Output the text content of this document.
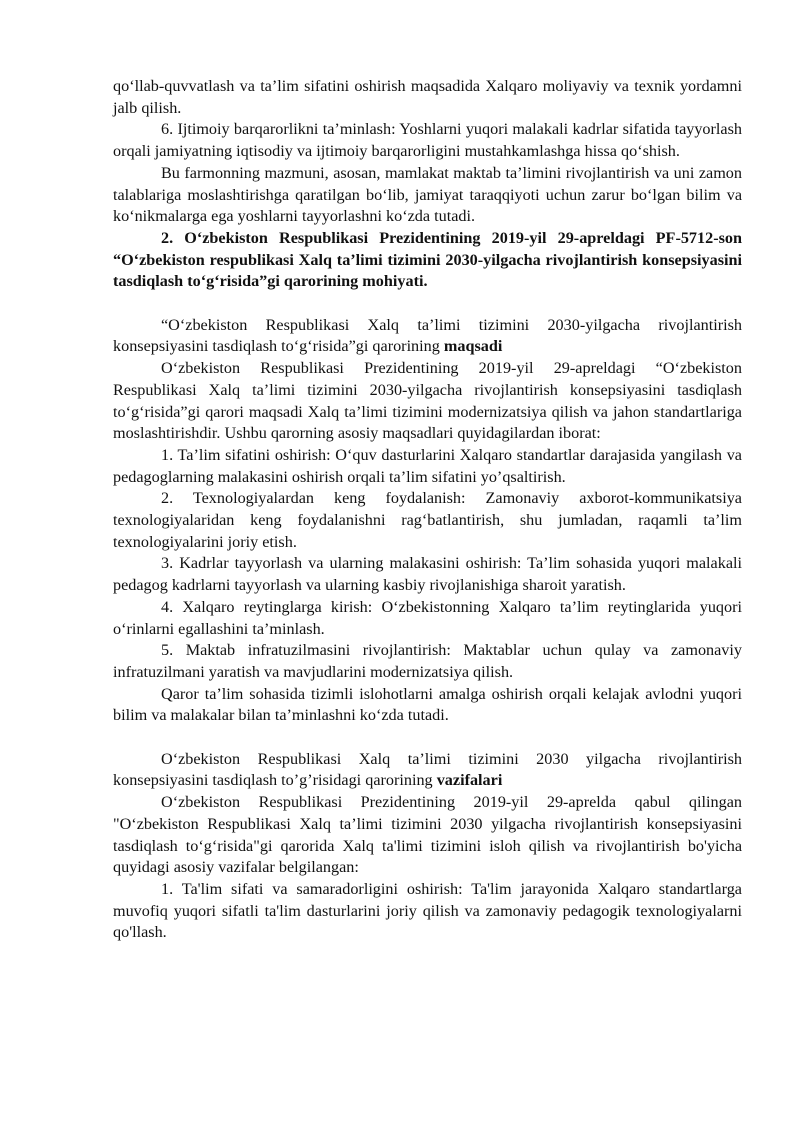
qo‘llab-quvvatlash va ta’lim sifatini oshirish maqsadida Xalqaro moliyaviy va texnik yordamni jalb qilish.

6. Ijtimoiy barqarorlikni ta’minlash: Yoshlarni yuqori malakali kadrlar sifatida tayyorlash orqali jamiyatning iqtisodiy va ijtimoiy barqarorligini mustahkamlashga hissa qo‘shish.

Bu farmonning mazmuni, asosan, mamlakat maktab ta’limini rivojlantirish va uni zamon talablariga moslashtirishga qaratilgan bo‘lib, jamiyat taraqqiyoti uchun zarur bo‘lgan bilim va ko‘nikmalarga ega yoshlarni tayyorlashni ko‘zda tutadi.

2. O‘zbekiston Respublikasi Prezidentining 2019-yil 29-apreldagi PF-5712-son “O‘zbekiston respublikasi Xalq ta’limi tizimini 2030-yilgacha rivojlantirish konsepsiyasini tasdiqlash to‘g‘risida”gi qarorining mohiyati.

“O‘zbekiston Respublikasi Xalq ta’limi tizimini 2030-yilgacha rivojlantirish konsepsiyasini tasdiqlash to‘g‘risida”gi qarorining maqsadi

O‘zbekiston Respublikasi Prezidentining 2019-yil 29-apreldagi “O‘zbekiston Respublikasi Xalq ta’limi tizimini 2030-yilgacha rivojlantirish konsepsiyasini tasdiqlash to‘g‘risida”gi qarori maqsadi Xalq ta’limi tizimini modernizatsiya qilish va jahon standartlariga moslashtirishdir. Ushbu qarorning asosiy maqsadlari quyidagilardan iborat:

1. Ta’lim sifatini oshirish: O‘quv dasturlarini Xalqaro standartlar darajasida yangilash va pedagoglarning malakasini oshirish orqali ta’lim sifatini yo’qsaltirish.

2. Texnologiyalardan keng foydalanish: Zamonaviy axborot-kommunikatsiya texnologiyalaridan keng foydalanishni rag‘batlantirish, shu jumladan, raqamli ta’lim texnologiyalarini joriy etish.

3. Kadrlar tayyorlash va ularning malakasini oshirish: Ta’lim sohasida yuqori malakali pedagog kadrlarni tayyorlash va ularning kasbiy rivojlanishiga sharoit yaratish.

4. Xalqaro reytinglarga kirish: O‘zbekistonning Xalqaro ta’lim reytinglarida yuqori o‘rinlarni egallashini ta’minlash.

5. Maktab infratuzilmasini rivojlantirish: Maktablar uchun qulay va zamonaviy infratuzilmani yaratish va mavjudlarini modernizatsiya qilish.

Qaror ta’lim sohasida tizimli islohotlarni amalga oshirish orqali kelajak avlodni yuqori bilim va malakalar bilan ta’minlashni ko‘zda tutadi.

O‘zbekiston Respublikasi Xalq ta’limi tizimini 2030 yilgacha rivojlantirish konsepsiyasini tasdiqlash to’g’risidagi qarorining vazifalari

O‘zbekiston Respublikasi Prezidentining 2019-yil 29-aprelda qabul qilingan "O‘zbekiston Respublikasi Xalq ta’limi tizimini 2030 yilgacha rivojlantirish konsepsiyasini tasdiqlash to‘g‘risida"gi qarorida Xalq ta'limi tizimini isloh qilish va rivojlantirish bo'yicha quyidagi asosiy vazifalar belgilangan:

1. Ta'lim sifati va samaradorligini oshirish: Ta'lim jarayonida Xalqaro standartlarga muvofiq yuqori sifatli ta'lim dasturlarini joriy qilish va zamonaviy pedagogik texnologiyalarni qo'llash.
